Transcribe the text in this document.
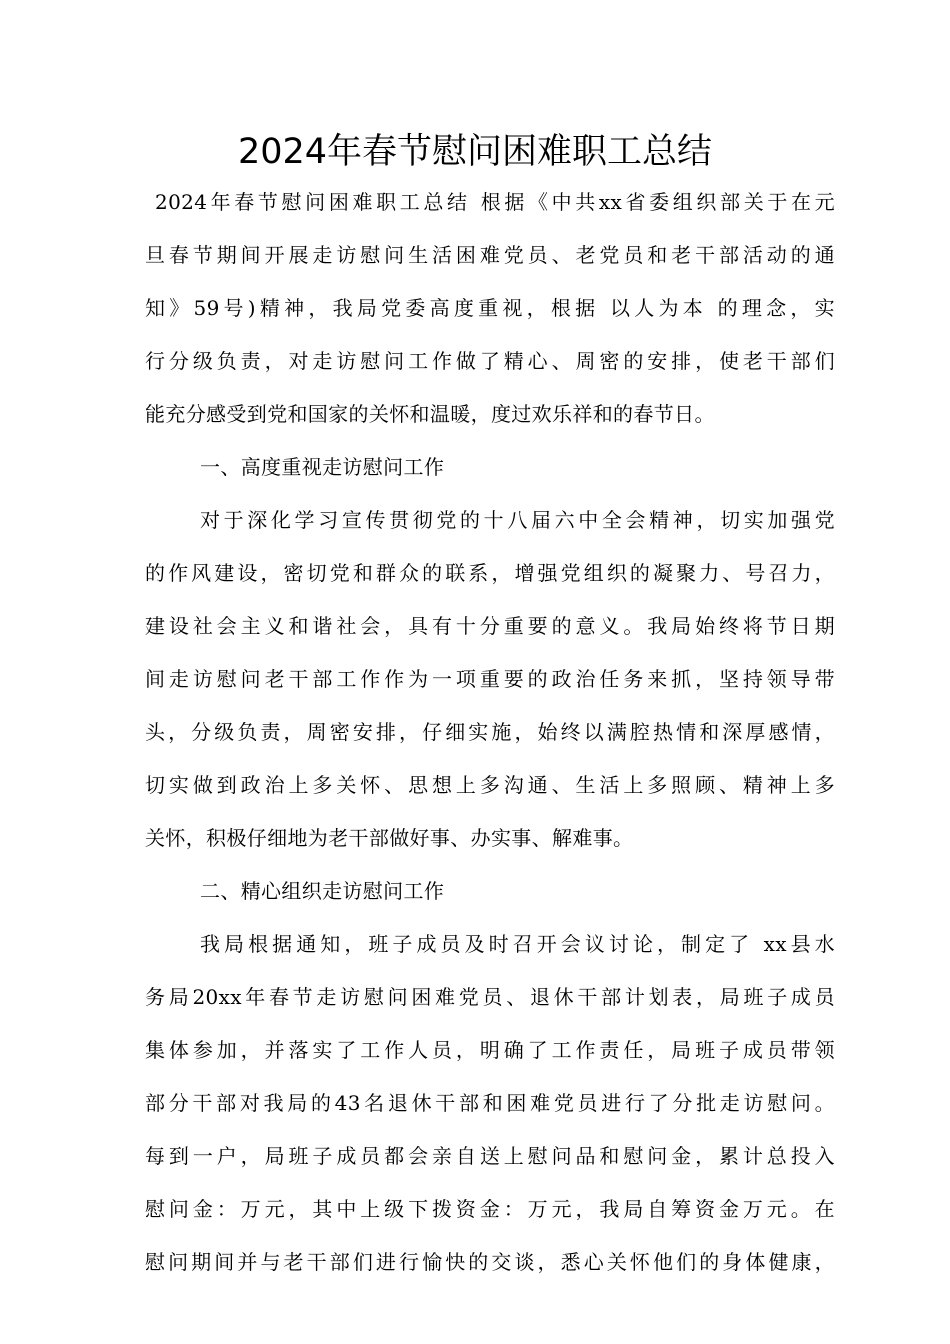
2024年春节慰问困难职工总结
2024年春节慰问困难职工总结 根据《中共xx省委组织部关于在元
旦春节期间开展走访慰问生活困难党员、老党员和老干部活动的通
知》59号)精神，我局党委高度重视，根据 以人为本 的理念，实
行分级负责，对走访慰问工作做了精心、周密的安排，使老干部们
能充分感受到党和国家的关怀和温暖，度过欢乐祥和的春节日。
一、高度重视走访慰问工作
对于深化学习宣传贯彻党的十八届六中全会精神，切实加强党
的作风建设，密切党和群众的联系，增强党组织的凝聚力、号召力，
建设社会主义和谐社会，具有十分重要的意义。我局始终将节日期
间走访慰问老干部工作作为一项重要的政治任务来抓，坚持领导带
头，分级负责，周密安排，仔细实施，始终以满腔热情和深厚感情，
切实做到政治上多关怀、思想上多沟通、生活上多照顾、精神上多
关怀，积极仔细地为老干部做好事、办实事、解难事。
二、精心组织走访慰问工作
我局根据通知，班子成员及时召开会议讨论，制定了 xx县水
务局20xx年春节走访慰问困难党员、退休干部计划表，局班子成员
集体参加，并落实了工作人员，明确了工作责任，局班子成员带领
部分干部对我局的43名退休干部和困难党员进行了分批走访慰问。
每到一户，局班子成员都会亲自送上慰问品和慰问金，累计总投入
慰问金：万元，其中上级下拨资金：万元，我局自筹资金万元。在
慰问期间并与老干部们进行愉快的交谈，悉心关怀他们的身体健康，
